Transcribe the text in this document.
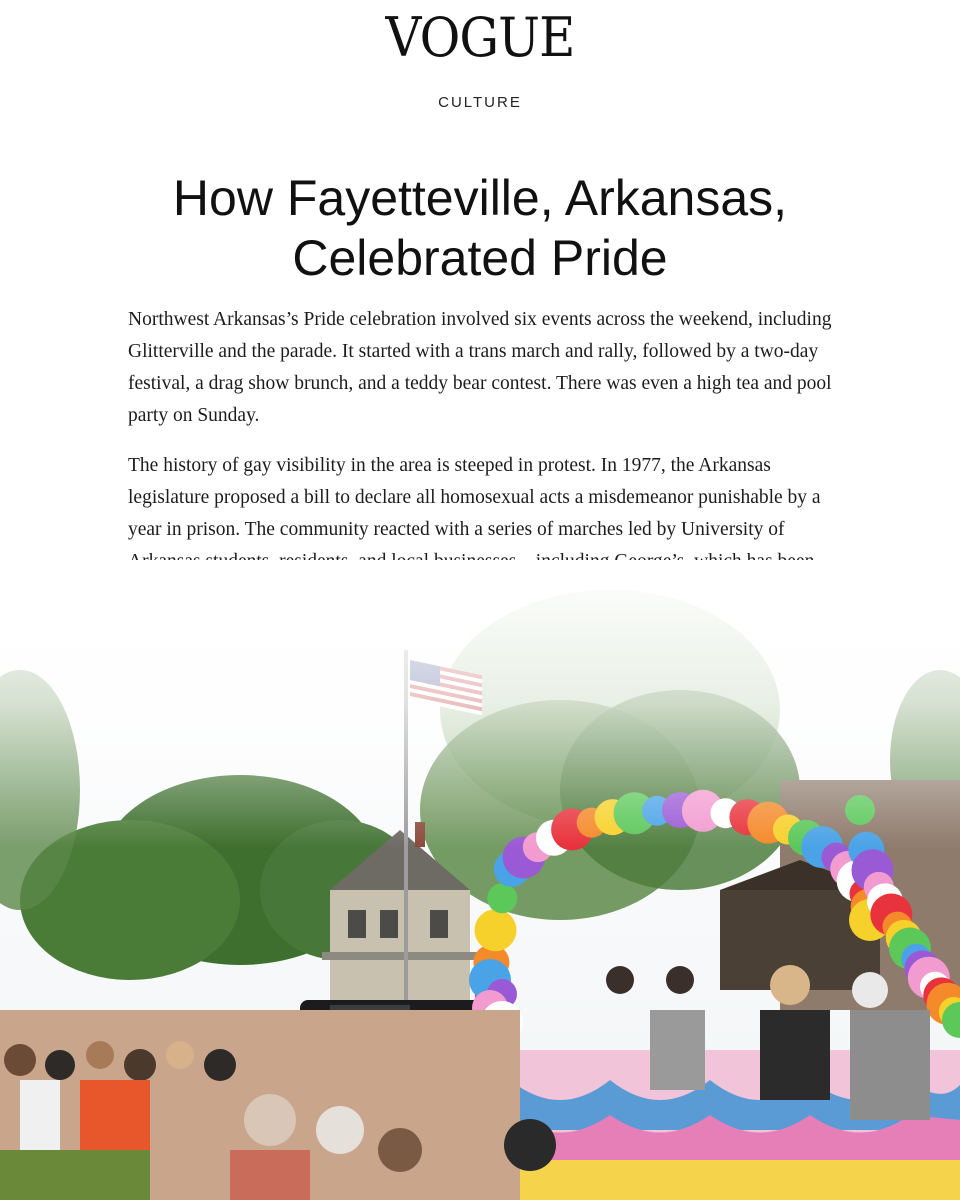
VOGUE
CULTURE
How Fayetteville, Arkansas, Celebrated Pride

Northwest Arkansas’s Pride celebration involved six events across the weekend, including Glitterville and the parade. It started with a trans march and rally, followed by a two-day festival, a drag show brunch, and a teddy bear contest. There was even a high tea and pool party on Sunday.

The history of gay visibility in the area is steeped in protest. In 1977, the Arkansas legislature proposed a bill to declare all homosexual acts a misdemeanor punishable by a year in prison. The community reacted with a series of marches led by University of
